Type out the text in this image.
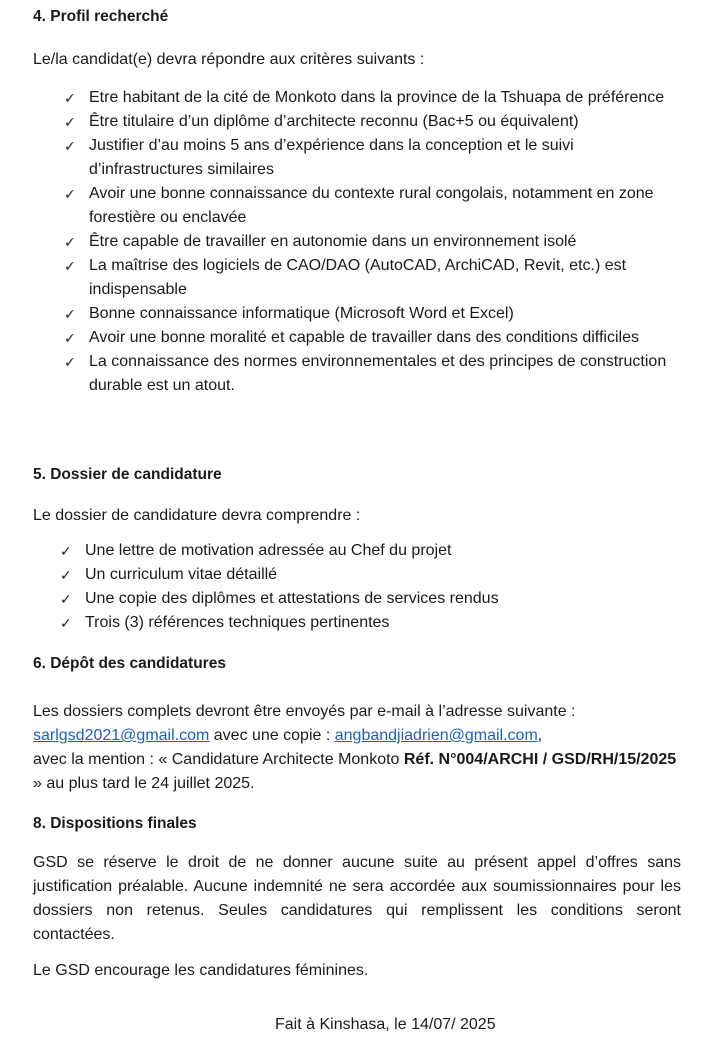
4. Profil recherché

Le/la candidat(e) devra répondre aux critères suivants :

✓ Etre habitant de la cité de Monkoto dans la province de la Tshuapa de préférence
✓ Être titulaire d’un diplôme d’architecte reconnu (Bac+5 ou équivalent)
✓ Justifier d’au moins 5 ans d’expérience dans la conception et le suivi d’infrastructures similaires
✓ Avoir une bonne connaissance du contexte rural congolais, notamment en zone forestière ou enclavée
✓ Être capable de travailler en autonomie dans un environnement isolé
✓ La maîtrise des logiciels de CAO/DAO (AutoCAD, ArchiCAD, Revit, etc.) est indispensable
✓ Bonne connaissance informatique (Microsoft Word et Excel)
✓ Avoir une bonne moralité et capable de travailler dans des conditions difficiles
✓ La connaissance des normes environnementales et des principes de construction durable est un atout.
5. Dossier de candidature

Le dossier de candidature devra comprendre :

✓ Une lettre de motivation adressée au Chef du projet
✓ Un curriculum vitae détaillé
✓ Une copie des diplômes et attestations de services rendus
✓ Trois (3) références techniques pertinentes
6. Dépôt des candidatures

Les dossiers complets devront être envoyés par e-mail à l’adresse suivante :
sarlgsd2021@gmail.com avec une copie : angbandjiadrien@gmail.com,
avec la mention : « Candidature Architecte Monkoto Réf. N°004/ARCHI / GSD/RH/15/2025 » au plus tard le 24 juillet 2025.

8. Dispositions finales

GSD se réserve le droit de ne donner aucune suite au présent appel d’offres sans justification préalable. Aucune indemnité ne sera accordée aux soumissionnaires pour les dossiers non retenus. Seules candidatures qui remplissent les conditions seront contactées.

Le GSD encourage les candidatures féminines.

Fait à Kinshasa, le 14/07/ 2025
